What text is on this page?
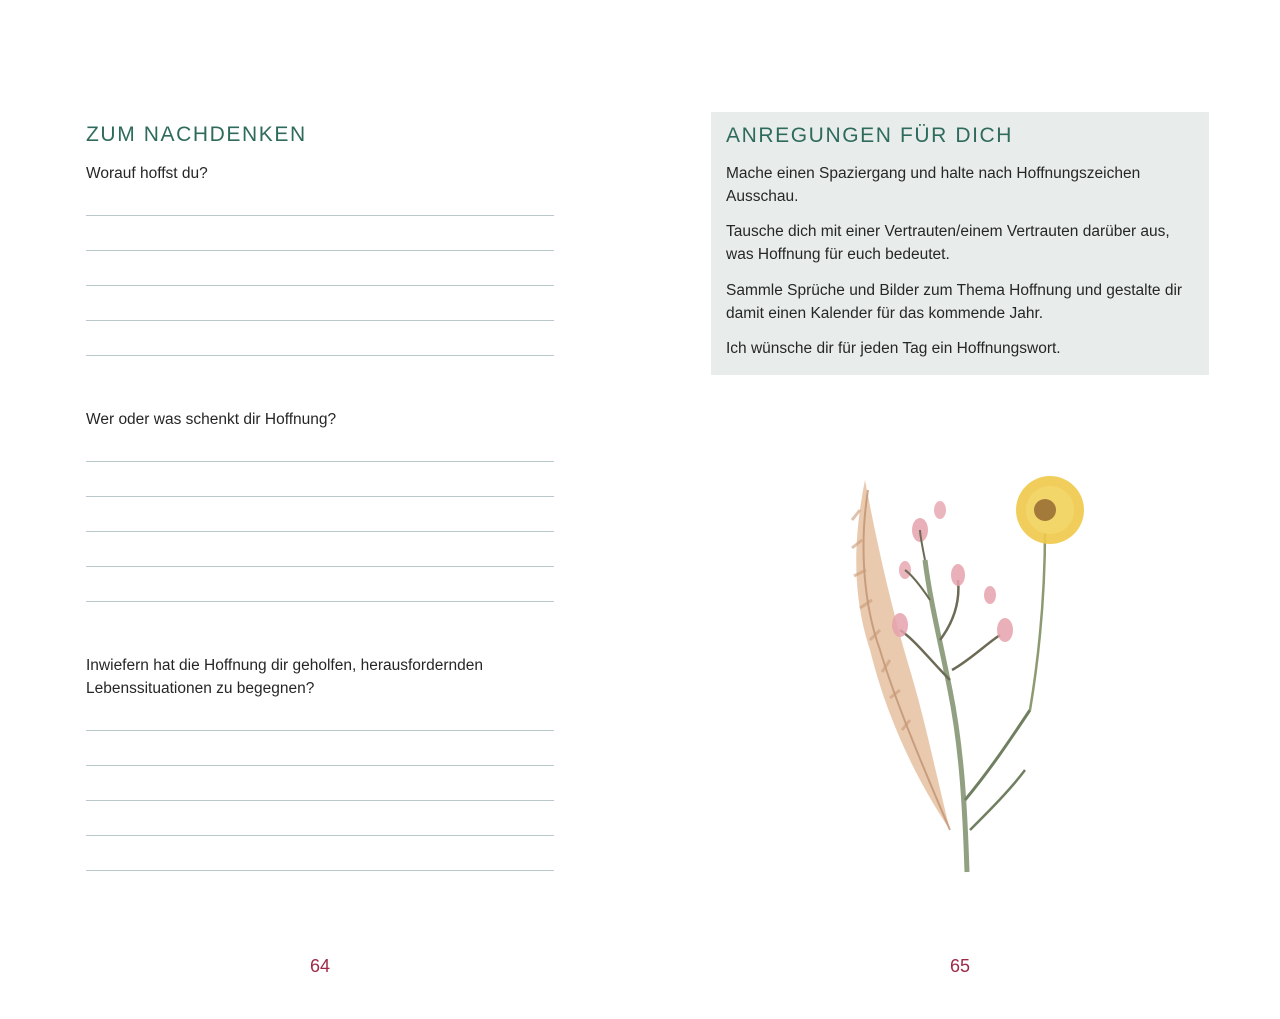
ZUM NACHDENKEN

Worauf hoffst du?

Wer oder was schenkt dir Hoffnung?

Inwiefern hat die Hoffnung dir geholfen, herausfordernden Lebenssituationen zu begegnen?

64
ANREGUNGEN FÜR DICH

Mache einen Spaziergang und halte nach Hoffnungszeichen Ausschau.

Tausche dich mit einer Vertrauten/einem Vertrauten darüber aus, was Hoffnung für euch bedeutet.

Sammle Sprüche und Bilder zum Thema Hoffnung und gestalte dir damit einen Kalender für das kommende Jahr.

Ich wünsche dir für jeden Tag ein Hoffnungswort.

65
